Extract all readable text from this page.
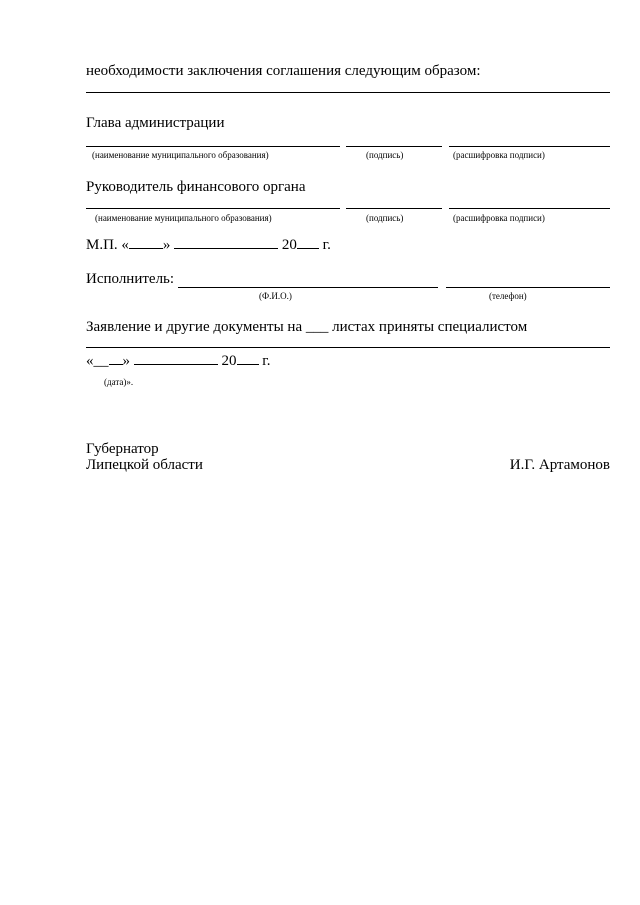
необходимости заключения соглашения следующим образом:
Глава администрации
(наименование муниципального образования)	(подпись)	(расшифровка подписи)
Руководитель финансового органа
(наименование муниципального образования)	(подпись)	(расшифровка подписи)
М.П. « »	20 г.
Исполнитель:
(Ф.И.О.)	(телефон)
Заявление и другие документы на ___ листах приняты специалистом
«__ »	20 г.
(дата)».
Губернатор
Липецкой области	И.Г. Артамонов
